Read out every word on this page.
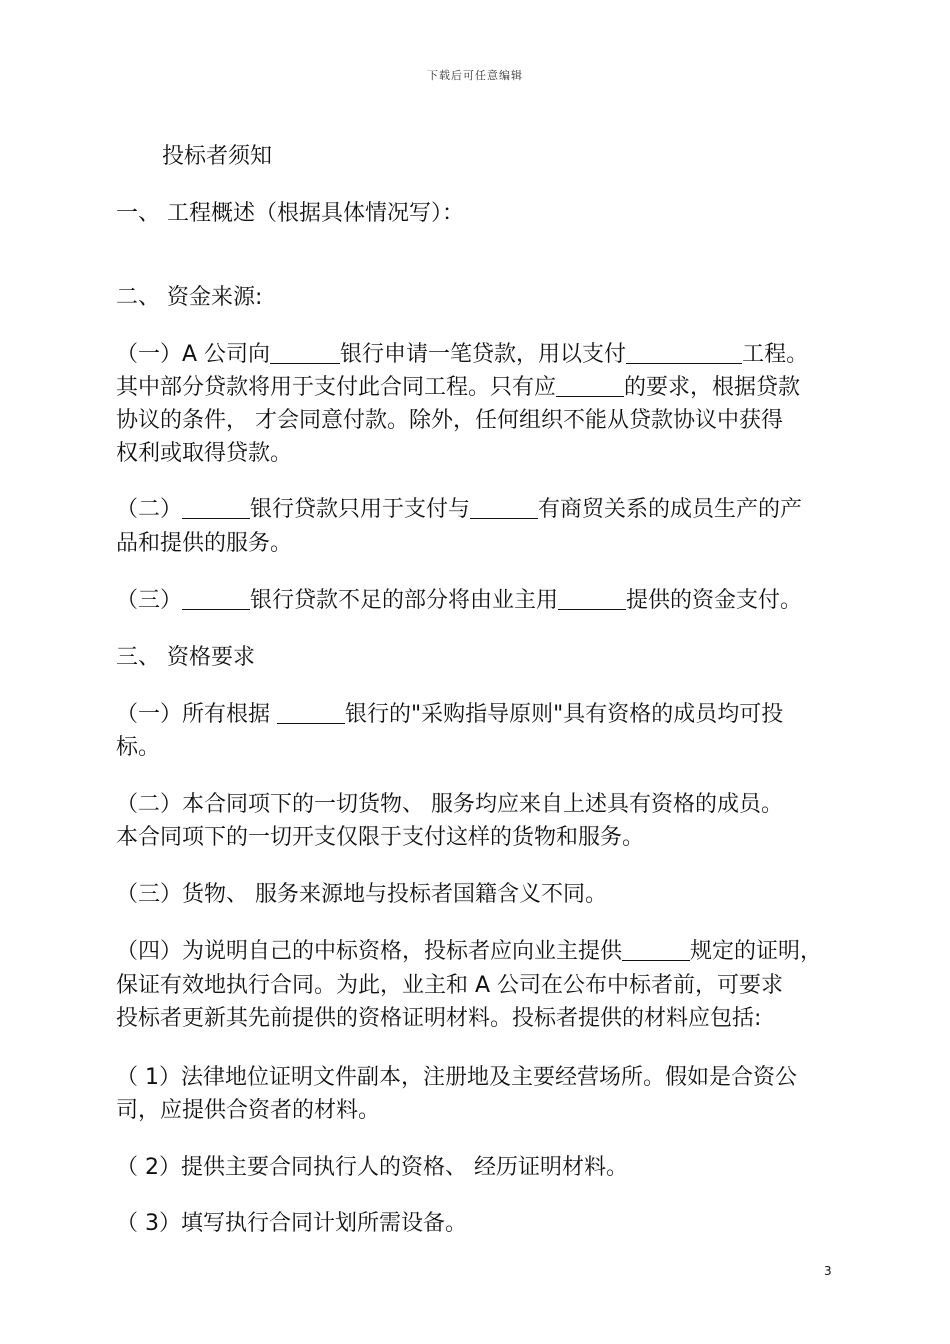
下载后可任意编辑
投标者须知
一、 工程概述（根据具体情况写）：
二、 资金来源:
（一）A 公司向	银行申请一笔贷款，用以支付	工程。
其中部分贷款将用于支付此合同工程。只有应	的要求，根据贷款
协议的条件， 才会同意付款。除外，任何组织不能从贷款协议中获得
权利或取得贷款。
（二）	银行贷款只用于支付与	有商贸关系的成员生产的产
品和提供的服务。
（三）	银行贷款不足的部分将由业主用	提供的资金支付。
三、 资格要求
（一）所有根据	银行的"采购指导原则"具有资格的成员均可投
标。
（二）本合同项下的一切货物、 服务均应来自上述具有资格的成员。
本合同项下的一切开支仅限于支付这样的货物和服务。
（三）货物、 服务来源地与投标者国籍含义不同。
（四）为说明自己的中标资格，投标者应向业主提供	规定的证明，
保证有效地执行合同。为此，业主和 A 公司在公布中标者前，可要求
投标者更新其先前提供的资格证明材料。投标者提供的材料应包括:
（ 1）法律地位证明文件副本，注册地及主要经营场所。假如是合资公
司，应提供合资者的材料。
（ 2）提供主要合同执行人的资格、 经历证明材料。
（ 3）填写执行合同计划所需设备。
3
